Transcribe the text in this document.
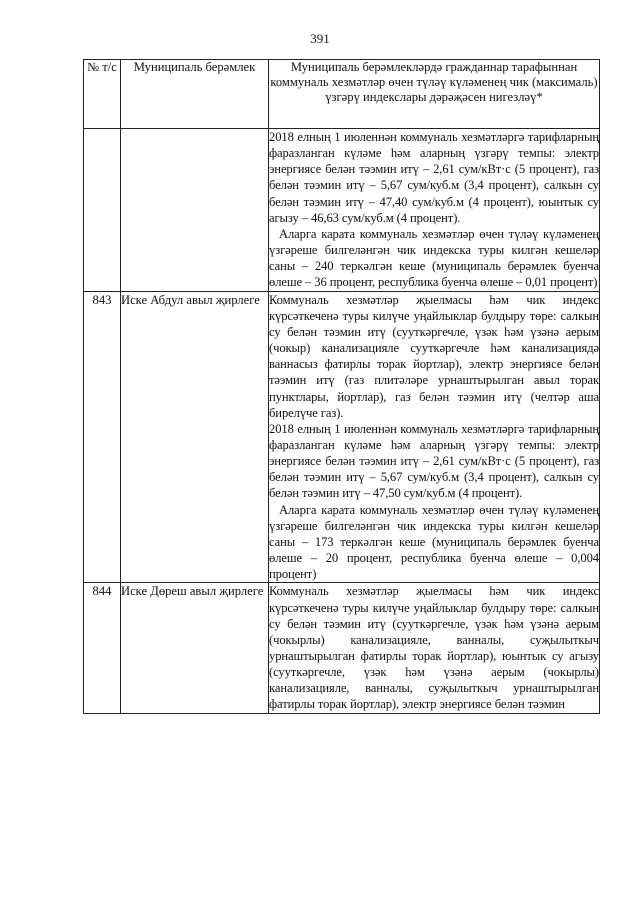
391
№ т/с	Муниципаль берәмлек	Муниципаль берәмлекләрдә гражданнар тарафыннан коммуналь хезмәтләр өчен түләү күләменең чик (максималь) үзгәрү индекслары дәрәҗәсен нигезләү*

		2018 елның 1 июленнән коммуналь хезмәтләргә тарифларның фаразланган күләме һәм аларның үзгәрү темпы: электр энергиясе белән тәэмин итү – 2,61 сум/кВт·с (5 процент), газ белән тәэмин итү – 5,67 сум/куб.м (3,4 процент), салкын су белән тәэмин итү – 47,40 сум/куб.м (4 процент), юынтык су агызу – 46,63 сум/куб.м (4 процент).

Аларга карата коммуналь хезмәтләр өчен түләү күләменең үзгәреше билгеләнгән чик индекска туры килгән кешеләр саны – 240 теркәлгән кеше (муниципаль берәмлек буенча өлеше – 36 процент, республика буенча өлеше – 0,01 процент)

843	Иске Абдул авыл җирлеге	Коммуналь хезмәтләр җыелмасы һәм чик индекс күрсәткеченә туры килүче уңайлыклар булдыру төре: салкын су белән тәэмин итү (сууткәргечле, үзәк һәм үзәнә аерым (чокыр) канализацияле сууткәргечле һәм канализациядә ваннасыз фатирлы торак йортлар), электр энергиясе белән тәэмин итү (газ плитәләре урнаштырылган авыл торак пунктлары, йортлар), газ белән тәэмин итү (челтәр аша бирелүче газ).

2018 елның 1 июленнән коммуналь хезмәтләргә тарифларның фаразланган күләме һәм аларның үзгәрү темпы: электр энергиясе белән тәэмин итү – 2,61 сум/кВт·с (5 процент), газ белән тәэмин итү – 5,67 сум/куб.м (3,4 процент), салкын су белән тәэмин итү – 47,50 сум/куб.м (4 процент).

Аларга карата коммуналь хезмәтләр өчен түләү күләменең үзгәреше билгеләнгән чик индекска туры килгән кешеләр саны – 173 теркәлгән кеше (муниципаль берәмлек буенча өлеше – 20 процент, республика буенча өлеше – 0,004 процент)

844	Иске Дөреш авыл җирлеге	Коммуналь хезмәтләр җыелмасы һәм чик индекс күрсәткеченә туры килүче уңайлыклар булдыру төре: салкын су белән тәэмин итү (сууткәргечле, үзәк һәм үзәнә аерым (чокырлы) канализацияле, ванналы, суҗылыткыч урнаштырылган фатирлы торак йортлар), юынтык су агызу (сууткәргечле, үзәк һәм үзәнә аерым (чокырлы) канализацияле, ванналы, суҗылыткыч урнаштырылган фатирлы торак йортлар), электр энергиясе белән тәэмин
